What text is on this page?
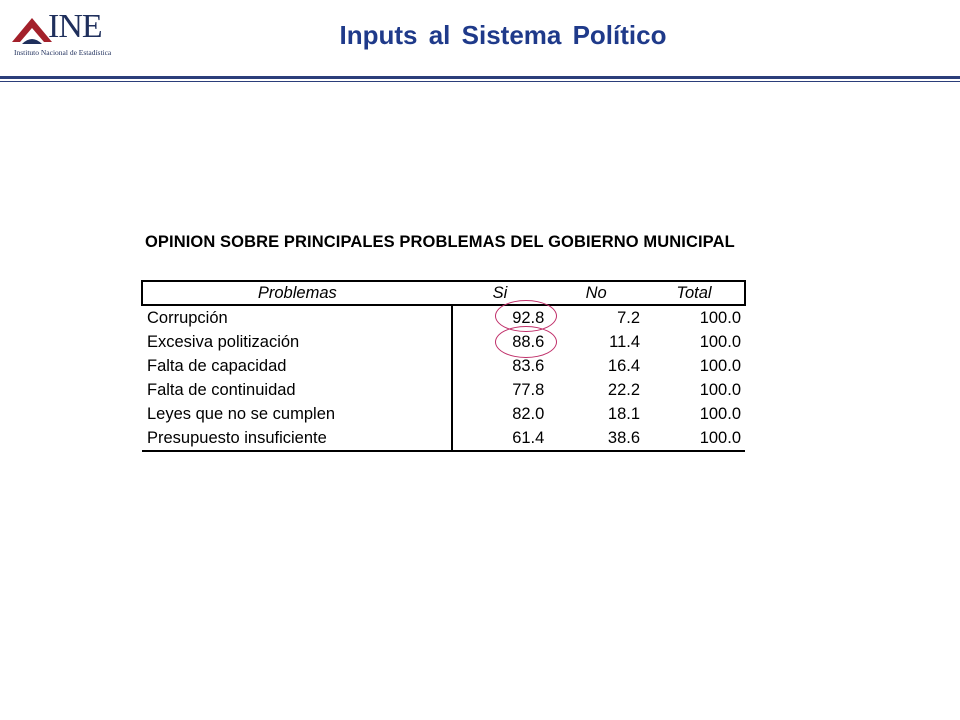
INE
Instituto Nacional de Estadística
Inputs al Sistema Político
OPINION SOBRE PRINCIPALES PROBLEMAS DEL GOBIERNO MUNICIPAL
Problemas	Si	No	Total
Corrupción	92.8	7.2	100.0
Excesiva politización	88.6	11.4	100.0
Falta de capacidad	83.6	16.4	100.0
Falta de continuidad	77.8	22.2	100.0
Leyes que no se cumplen	82.0	18.1	100.0
Presupuesto insuficiente	61.4	38.6	100.0
